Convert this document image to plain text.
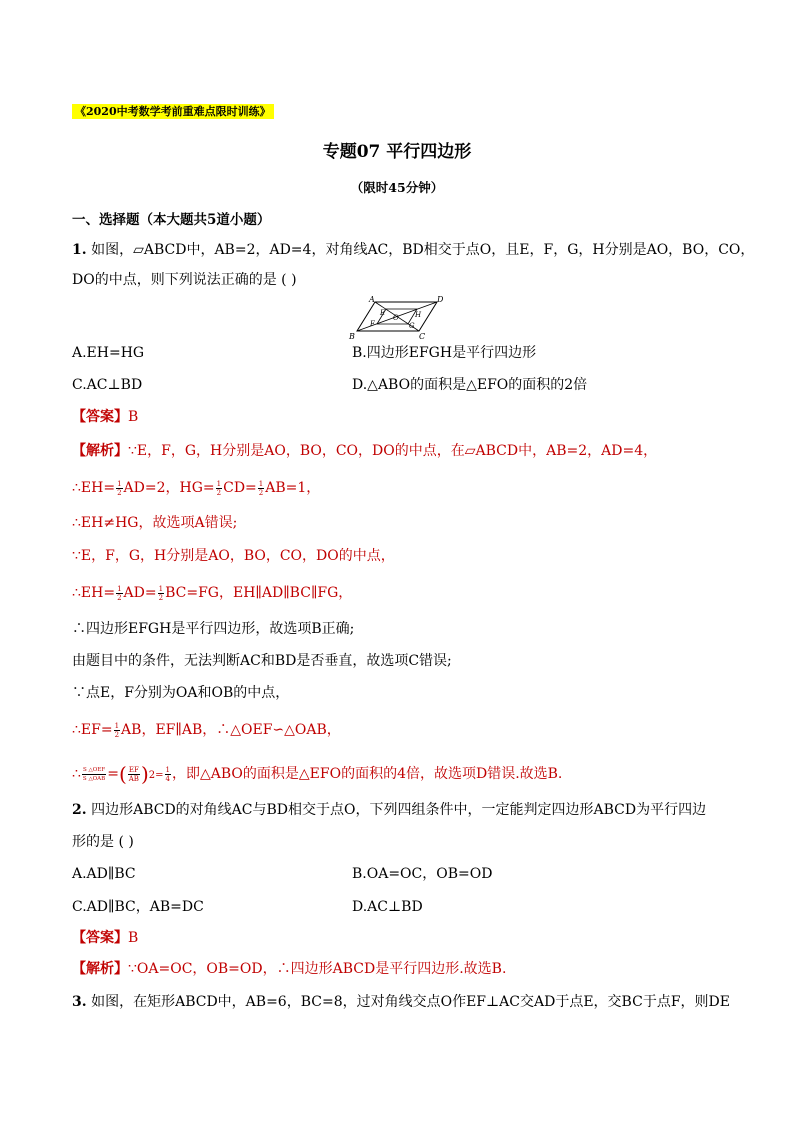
《2020中考数学考前重难点限时训练》
专题07 平行四边形
（限时45分钟）
一、选择题（本大题共5道小题）
1. 如图，▱ABCD中，AB=2，AD=4，对角线AC，BD相交于点O，且E，F，G，H分别是AO，BO，CO，
DO的中点，则下列说法正确的是 ( )
A
B	C
D
E
F	G
H
O
A.EH=HG	B.四边形EFGH是平行四边形
C.AC⊥BD	D.△ABO的面积是△EFO的面积的2倍
【答案】B
【解析】∵E，F，G，H分别是AO，BO，CO，DO的中点，在▱ABCD中，AB=2，AD=4，
∴EH= $\frac{1}{2} AD=2$，$HG= \frac{1}{2} CD= \frac{1}{2} AB=1$，
∴EH≠HG，故选项A错误;
∵E，F，G，H分别是AO，BO，CO，DO的中点，
∴EH= $\frac{1}{2} AD= \frac{1}{2} BC=FG$，EH∥AD∥BC∥FG，
∴四边形EFGH是平行四边形，故选项B正确;
由题目中的条件，无法判断AC和BD是否垂直，故选项C错误;
∵点E，F分别为OA和OB的中点，
∴EF= $\frac{1}{2}$ AB，EF∥AB，∴△OEF∽△OAB，
∴ $\frac{\text{S △OEF}}{\text{S △OAB}}$ =( $\frac{EF}{AB} )2= \frac{1}{4}$ ，即△ABO的面积是△EFO的面积的4倍，故选项D错误.故选B.
2. 四边形ABCD的对角线AC与BD相交于点O，下列四组条件中，一定能判定四边形ABCD为平行四边
形的是 ( )
A.AD∥BC	B.OA=OC，OB=OD
C.AD∥BC，AB=DC	D.AC⊥BD
【答案】B
【解析】∵OA=OC，OB=OD，∴四边形ABCD是平行四边形.故选B.
3. 如图，在矩形ABCD中，AB=6，BC=8，过对角线交点O作EF⊥AC交AD于点E，交BC于点F，则DE
